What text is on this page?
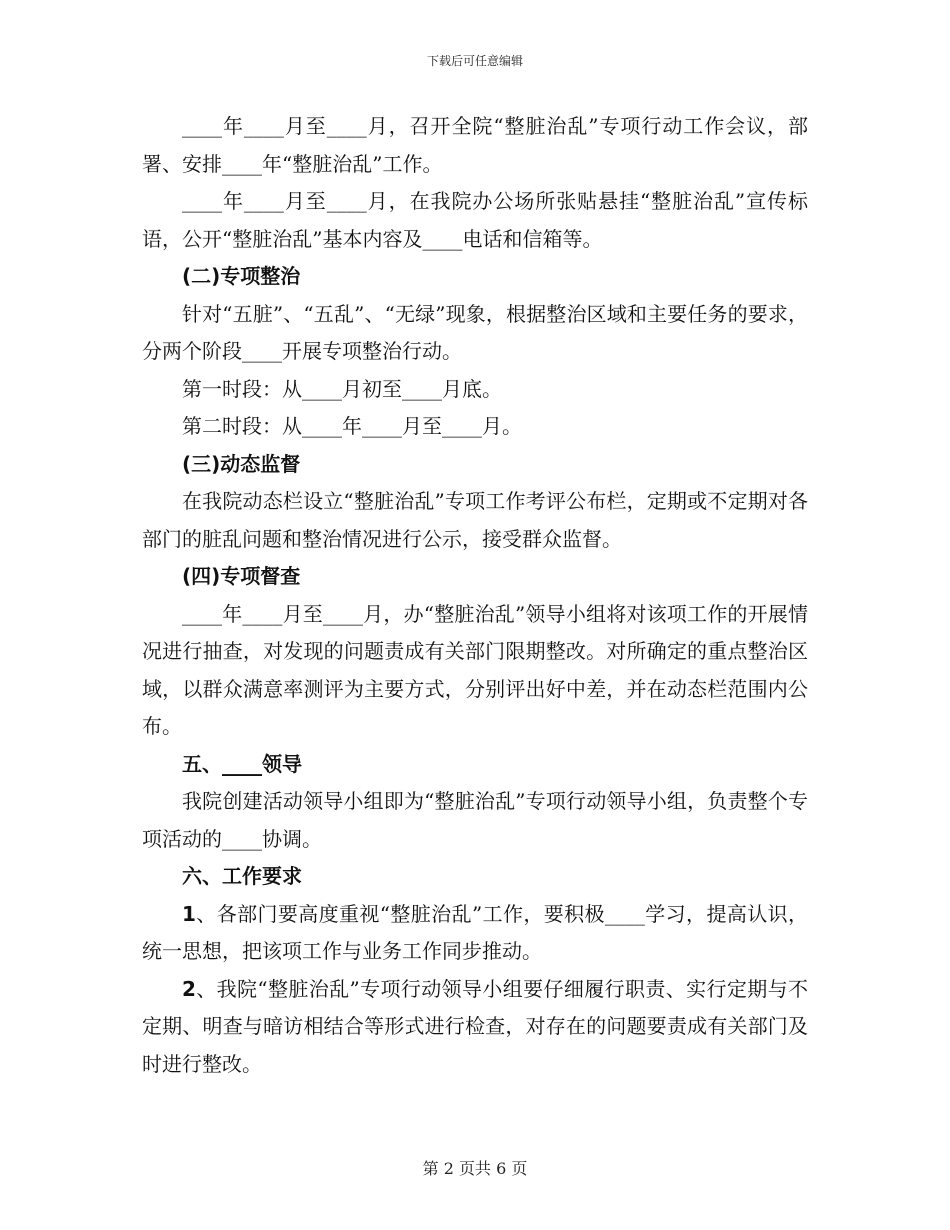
下载后可任意编辑

____年____月至____月，召开全院“整脏治乱”专项行动工作会议，部署、安排____年“整脏治乱”工作。

____年____月至____月，在我院办公场所张贴悬挂“整脏治乱”宣传标语，公开“整脏治乱”基本内容及____电话和信箱等。

(二)专项整治

针对“五脏”、“五乱”、“无绿”现象，根据整治区域和主要任务的要求，分两个阶段____开展专项整治行动。

第一时段：从____月初至____月底。

第二时段：从____年____月至____月。

(三)动态监督

在我院动态栏设立“整脏治乱”专项工作考评公布栏，定期或不定期对各部门的脏乱问题和整治情况进行公示，接受群众监督。

(四)专项督查

____年____月至____月，办“整脏治乱”领导小组将对该项工作的开展情况进行抽查，对发现的问题责成有关部门限期整改。对所确定的重点整治区域，以群众满意率测评为主要方式，分别评出好中差，并在动态栏范围内公布。

五、____领导

我院创建活动领导小组即为“整脏治乱”专项行动领导小组，负责整个专项活动的____协调。

六、工作要求

1、各部门要高度重视“整脏治乱”工作，要积极____学习，提高认识，统一思想，把该项工作与业务工作同步推动。

2、我院“整脏治乱”专项行动领导小组要仔细履行职责、实行定期与不定期、明查与暗访相结合等形式进行检查，对存在的问题要责成有关部门及时进行整改。

第 2 页共 6 页
